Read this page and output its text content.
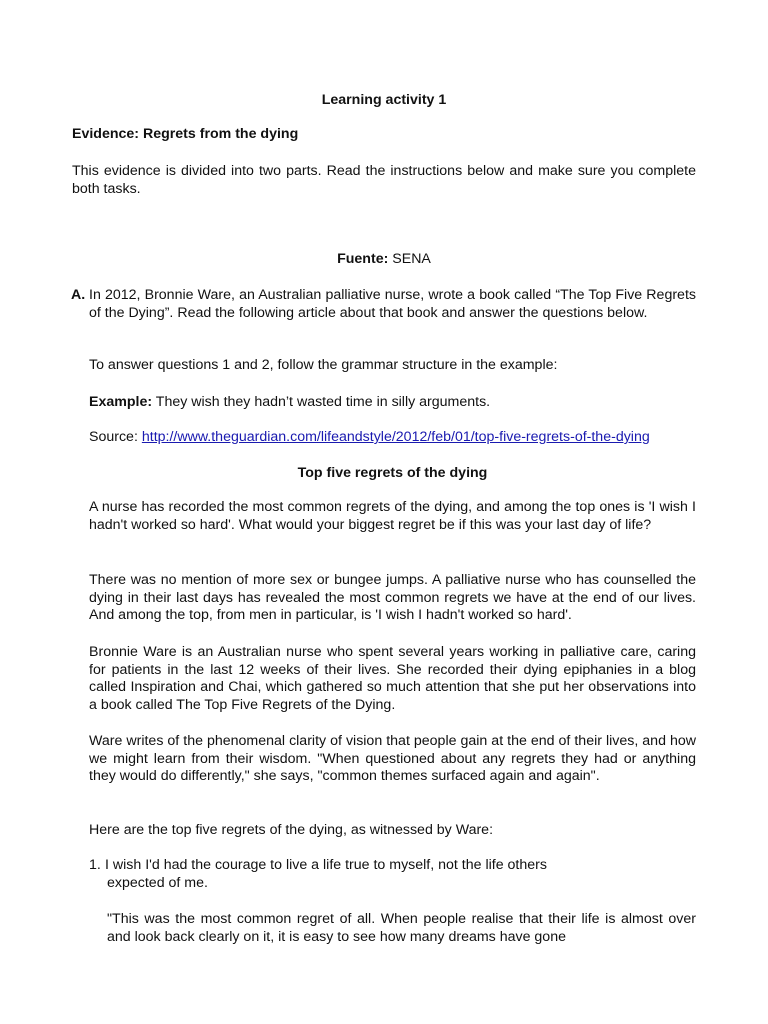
Learning activity 1
Evidence: Regrets from the dying
This evidence is divided into two parts. Read the instructions below and make sure you complete both tasks.
Fuente: SENA
A. In 2012, Bronnie Ware, an Australian palliative nurse, wrote a book called “The Top Five Regrets of the Dying”. Read the following article about that book and answer the questions below.
To answer questions 1 and 2, follow the grammar structure in the example:
Example: They wish they hadn’t wasted time in silly arguments.
Source: http://www.theguardian.com/lifeandstyle/2012/feb/01/top-five-regrets-of-the-dying
Top five regrets of the dying
A nurse has recorded the most common regrets of the dying, and among the top ones is 'I wish I hadn't worked so hard'. What would your biggest regret be if this was your last day of life?
There was no mention of more sex or bungee jumps. A palliative nurse who has counselled the dying in their last days has revealed the most common regrets we have at the end of our lives. And among the top, from men in particular, is 'I wish I hadn't worked so hard'.
Bronnie Ware is an Australian nurse who spent several years working in palliative care, caring for patients in the last 12 weeks of their lives. She recorded their dying epiphanies in a blog called Inspiration and Chai, which gathered so much attention that she put her observations into a book called The Top Five Regrets of the Dying.
Ware writes of the phenomenal clarity of vision that people gain at the end of their lives, and how we might learn from their wisdom. "When questioned about any regrets they had or anything they would do differently," she says, "common themes surfaced again and again".
Here are the top five regrets of the dying, as witnessed by Ware:
1. I wish I'd had the courage to live a life true to myself, not the life others
expected of me.
"This was the most common regret of all. When people realise that their life is almost over and look back clearly on it, it is easy to see how many dreams have gone
